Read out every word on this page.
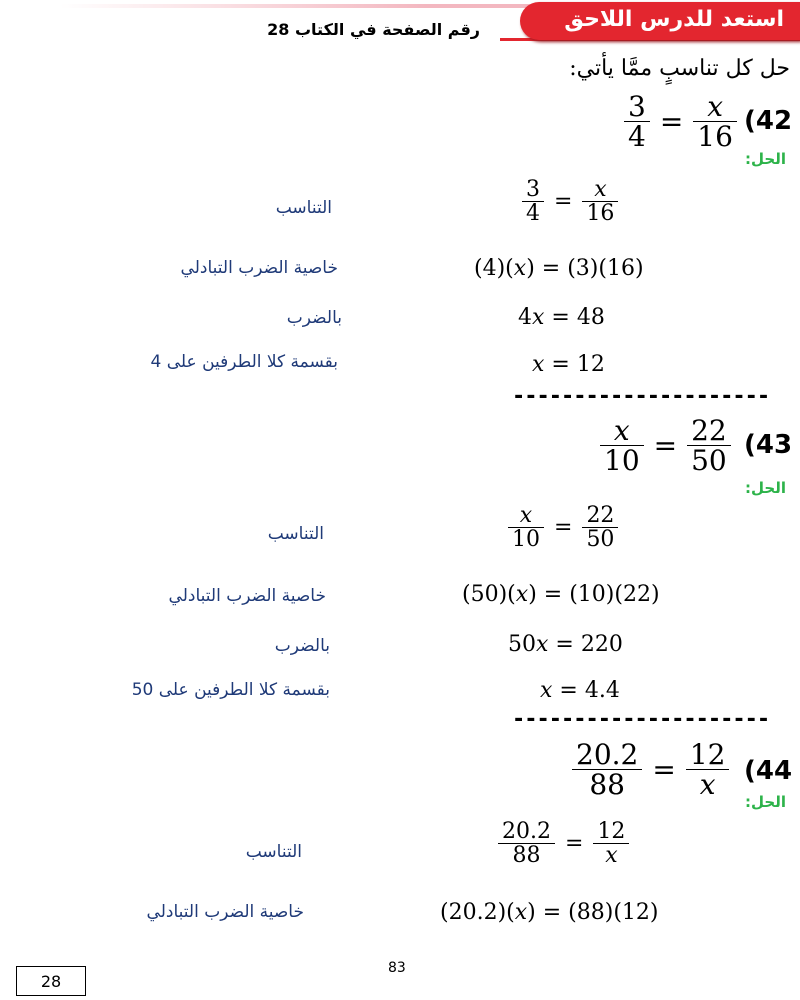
استعد للدرس اللاحق
رقم الصفحة في الكتاب 28
حل كل تناسبٍ ممَّا يأتي:
(42
$\frac{3}{4} = \frac{x}{16}$
الحل:
$\frac{3}{4} = \frac{x}{16}$
التناسب
(4)(x) = (3)(16)
خاصية الضرب التبادلي
4x = 48
بالضرب
x = 12
بقسمة كلا الطرفين على 4
---------------------
(43
$\frac{x}{10} = \frac{22}{50}$
الحل:
$\frac{x}{10} = \frac{22}{50}$
التناسب
(50)(x) = (10)(22)
خاصية الضرب التبادلي
50x = 220
بالضرب
x = 4.4
بقسمة كلا الطرفين على 50
---------------------
(44
$\frac{20.2}{88} = \frac{12}{x}$
الحل:
$\frac{20.2}{88} = \frac{12}{x}$
التناسب
(20.2)(x) = (88)(12)
خاصية الضرب التبادلي
83
28
